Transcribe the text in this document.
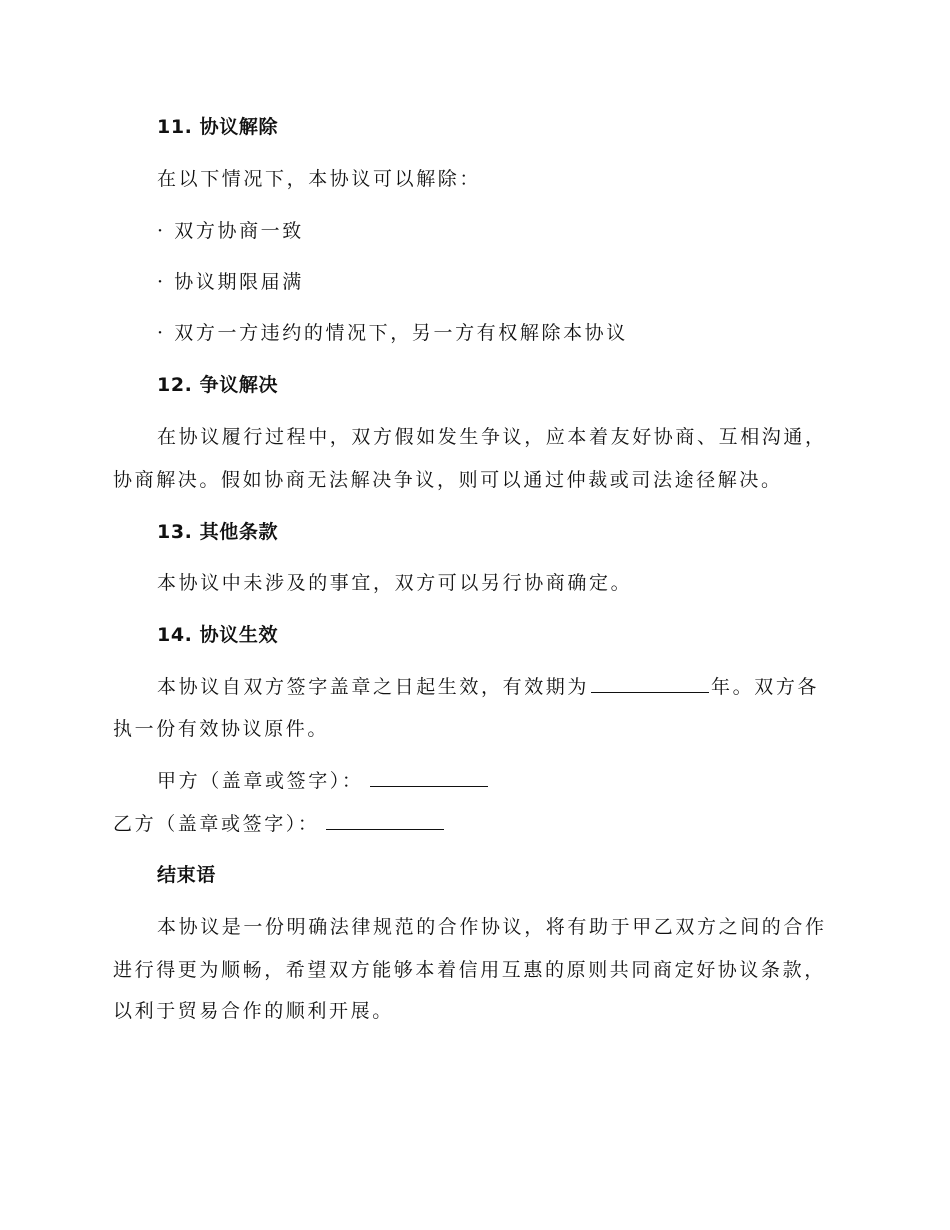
11. 协议解除
在以下情况下，本协议可以解除：
· 双方协商一致
· 协议期限届满
· 双方一方违约的情况下，另一方有权解除本协议
12. 争议解决
在协议履行过程中，双方假如发生争议，应本着友好协商、互相沟通，
协商解决。假如协商无法解决争议，则可以通过仲裁或司法途径解决。
13. 其他条款
本协议中未涉及的事宜，双方可以另行协商确定。
14. 协议生效
本协议自双方签字盖章之日起生效，有效期为	年。双方各
执一份有效协议原件。
甲方（盖章或签字）：
乙方（盖章或签字）：
结束语
本协议是一份明确法律规范的合作协议，将有助于甲乙双方之间的合作
进行得更为顺畅，希望双方能够本着信用互惠的原则共同商定好协议条款，
以利于贸易合作的顺利开展。
